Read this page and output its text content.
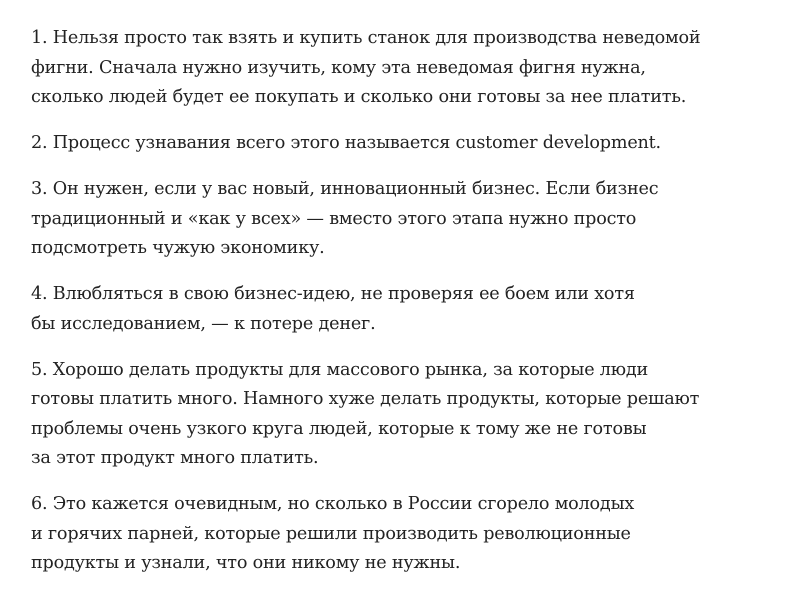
1. Нельзя просто так взять и купить станок для производства неведомой
фигни. Сначала нужно изучить, кому эта неведомая фигня нужна,
сколько людей будет ее покупать и сколько они готовы за нее платить.

2. Процесс узнавания всего этого называется customer development.

3. Он нужен, если у вас новый, инновационный бизнес. Если бизнес
традиционный и «как у всех» — вместо этого этапа нужно просто
подсмотреть чужую экономику.

4. Влюбляться в свою бизнес-идею, не проверяя ее боем или хотя
бы исследованием, — к потере денег.

5. Хорошо делать продукты для массового рынка, за которые люди
готовы платить много. Намного хуже делать продукты, которые решают
проблемы очень узкого круга людей, которые к тому же не готовы
за этот продукт много платить.

6. Это кажется очевидным, но сколько в России сгорело молодых
и горячих парней, которые решили производить революционные
продукты и узнали, что они никому не нужны.
